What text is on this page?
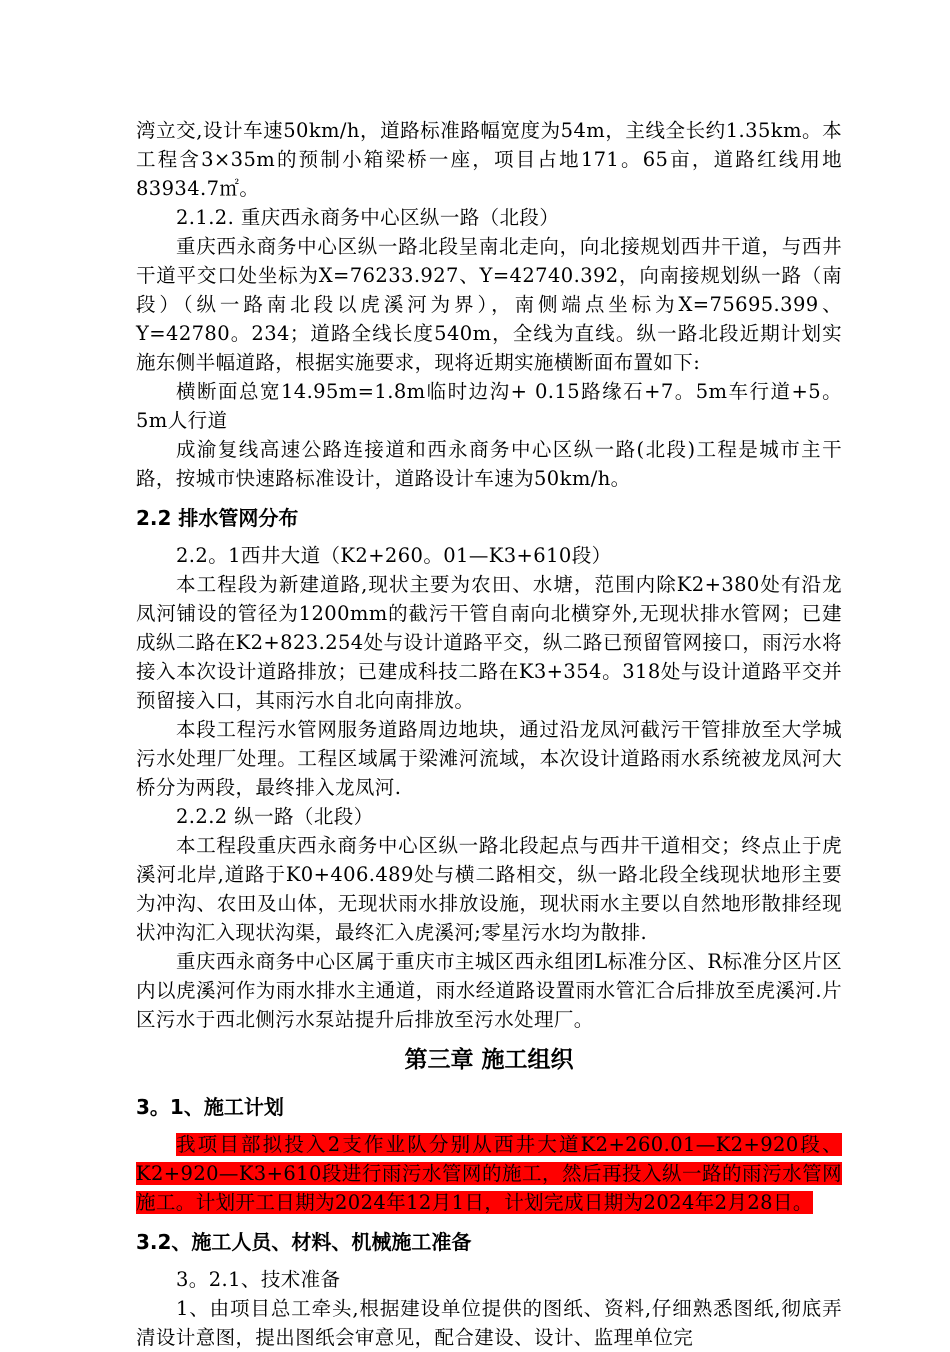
湾立交,设计车速50km/h，道路标准路幅宽度为54m，主线全长约1.35km。本工程含3×35m的预制小箱梁桥一座，项目占地171。65亩，道路红线用地83934.7㎡。

2.1.2. 重庆西永商务中心区纵一路（北段）

重庆西永商务中心区纵一路北段呈南北走向，向北接规划西井干道，与西井干道平交口处坐标为X=76233.927、Y=42740.392，向南接规划纵一路（南段）（纵一路南北段以虎溪河为界），南侧端点坐标为X=75695.399、Y=42780。234；道路全线长度540m，全线为直线。纵一路北段近期计划实施东侧半幅道路，根据实施要求，现将近期实施横断面布置如下:

横断面总宽14.95m=1.8m临时边沟+ 0.15路缘石+7。5m车行道+5。5m人行道

成渝复线高速公路连接道和西永商务中心区纵一路(北段)工程是城市主干路，按城市快速路标准设计，道路设计车速为50km/h。

2.2 排水管网分布

2.2。1西井大道（K2+260。01—K3+610段）

本工程段为新建道路,现状主要为农田、水塘，范围内除K2+380处有沿龙凤河铺设的管径为1200mm的截污干管自南向北横穿外,无现状排水管网；已建成纵二路在K2+823.254处与设计道路平交，纵二路已预留管网接口，雨污水将接入本次设计道路排放；已建成科技二路在K3+354。318处与设计道路平交并预留接入口，其雨污水自北向南排放。

本段工程污水管网服务道路周边地块，通过沿龙凤河截污干管排放至大学城污水处理厂处理。工程区域属于梁滩河流域，本次设计道路雨水系统被龙凤河大桥分为两段，最终排入龙凤河.

2.2.2 纵一路（北段）

本工程段重庆西永商务中心区纵一路北段起点与西井干道相交；终点止于虎溪河北岸,道路于K0+406.489处与横二路相交，纵一路北段全线现状地形主要为冲沟、农田及山体，无现状雨水排放设施，现状雨水主要以自然地形散排经现状冲沟汇入现状沟渠，最终汇入虎溪河;零星污水均为散排.

重庆西永商务中心区属于重庆市主城区西永组团L标准分区、R标准分区片区内以虎溪河作为雨水排水主通道，雨水经道路设置雨水管汇合后排放至虎溪河.片区污水于西北侧污水泵站提升后排放至污水处理厂。

第三章 施工组织
3。1、施工计划

我项目部拟投入2支作业队分别从西井大道K2+260.01—K2+920段、K2+920—K3+610段进行雨污水管网的施工，然后再投入纵一路的雨污水管网施工。计划开工日期为2024年12月1日，计划完成日期为2024年2月28日。

3.2、施工人员、材料、机械施工准备

3。2.1、技术准备

1、由项目总工牵头,根据建设单位提供的图纸、资料,仔细熟悉图纸,彻底弄清设计意图，提出图纸会审意见，配合建设、设计、监理单位完
